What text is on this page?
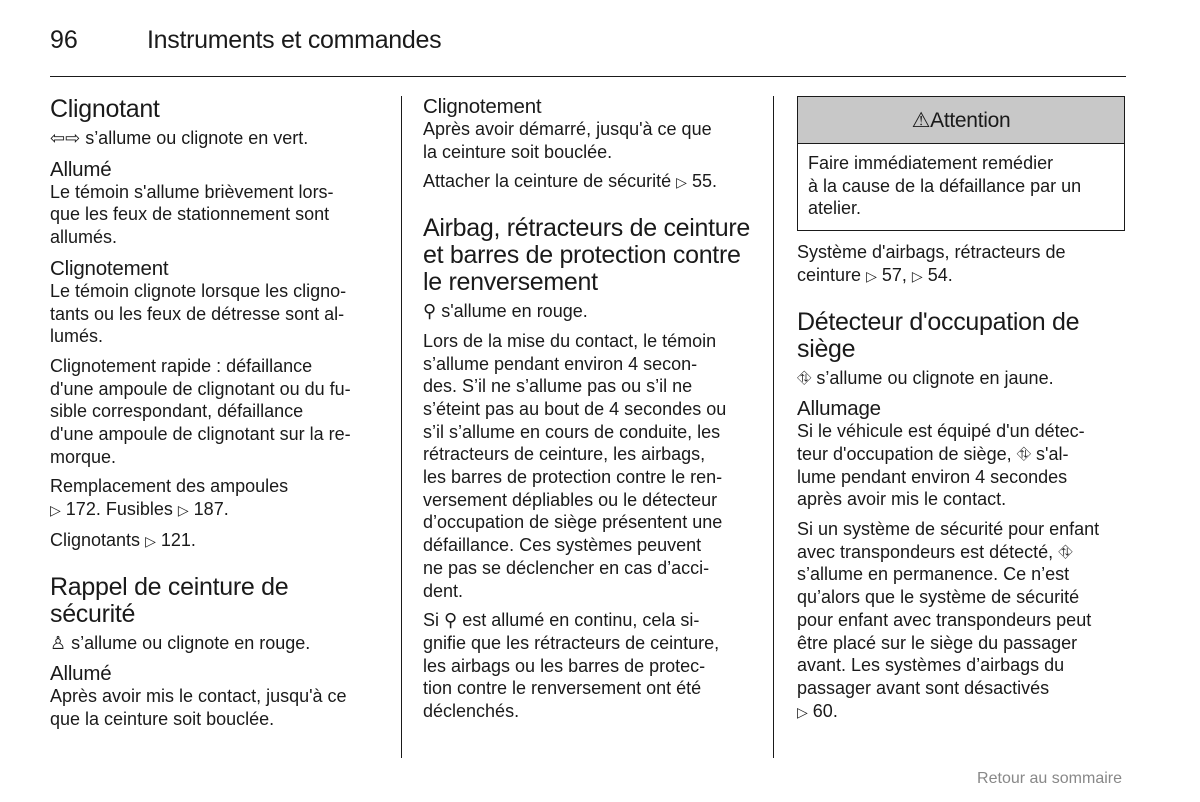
96	Instruments et commandes
Clignotant

⇦⇨ s’allume ou clignote en vert.

Allumé

Le témoin s'allume brièvement lors-
que les feux de stationnement sont
allumés.

Clignotement

Le témoin clignote lorsque les cligno-
tants ou les feux de détresse sont al-
lumés.

Clignotement rapide : défaillance
d'une ampoule de clignotant ou du fu-
sible correspondant, défaillance
d'une ampoule de clignotant sur la re-
morque.

Remplacement des ampoules
▷ 172. Fusibles ▷ 187.

Clignotants ▷ 121.

Rappel de ceinture de sécurité

♙ s’allume ou clignote en rouge.

Allumé

Après avoir mis le contact, jusqu'à ce
que la ceinture soit bouclée.

Clignotement

Après avoir démarré, jusqu'à ce que
la ceinture soit bouclée.

Attacher la ceinture de sécurité ▷ 55.

Airbag, rétracteurs de ceinture
et barres de protection contre
le renversement

⚲ s'allume en rouge.

Lors de la mise du contact, le témoin
s’allume pendant environ 4 secon-
des. S’il ne s’allume pas ou s’il ne
s’éteint pas au bout de 4 secondes ou
s’il s’allume en cours de conduite, les
rétracteurs de ceinture, les airbags,
les barres de protection contre le ren-
versement dépliables ou le détecteur
d’occupation de siège présentent une
défaillance. Ces systèmes peuvent
ne pas se déclencher en cas d’acci-
dent.

Si ⚲ est allumé en continu, cela si-
gnifie que les rétracteurs de ceinture,
les airbags ou les barres de protec-
tion contre le renversement ont été
déclenchés.

⚠Attention
Faire immédiatement remédier
à la cause de la défaillance par un
atelier.

Système d'airbags, rétracteurs de
ceinture ▷ 57, ▷ 54.

Détecteur d'occupation de
siège

⛗ s’allume ou clignote en jaune.

Allumage

Si le véhicule est équipé d'un détec-
teur d'occupation de siège, ⛗ s'al-
lume pendant environ 4 secondes
après avoir mis le contact.

Si un système de sécurité pour enfant
avec transpondeurs est détecté, ⛗
s’allume en permanence. Ce n’est
qu’alors que le système de sécurité
pour enfant avec transpondeurs peut
être placé sur le siège du passager
avant. Les systèmes d’airbags du
passager avant sont désactivés
▷ 60.

Retour au sommaire
